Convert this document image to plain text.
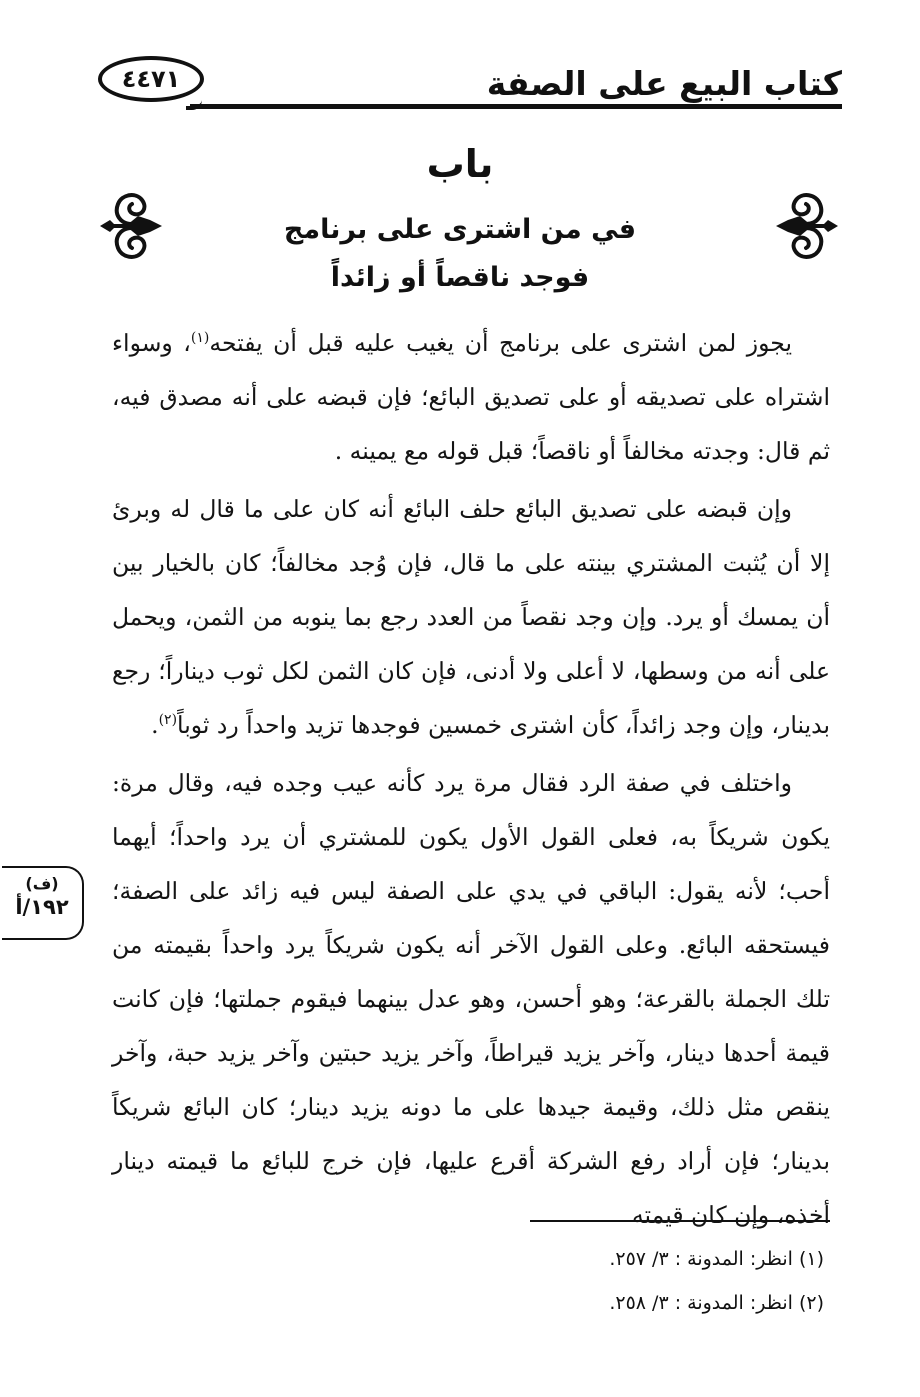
كتاب البيع على الصفة
٤٤٧١
باب
في من اشترى على برنامج
فوجد ناقصاً أو زائداً

يجوز لمن اشترى على برنامج أن يغيب عليه قبل أن يفتحه$^{(١)}$، وسواء اشتراه على تصديقه أو على تصديق البائع؛ فإن قبضه على أنه مصدق فيه، ثم قال: وجدته مخالفاً أو ناقصاً؛ قبل قوله مع يمينه .

وإن قبضه على تصديق البائع حلف البائع أنه كان على ما قال له وبرئ إلا أن يُثبت المشتري بينته على ما قال، فإن وُجد مخالفاً؛ كان بالخيار بين أن يمسك أو يرد. وإن وجد نقصاً من العدد رجع بما ينوبه من الثمن، ويحمل على أنه من وسطها، لا أعلى ولا أدنى، فإن كان الثمن لكل ثوب ديناراً؛ رجع بدينار، وإن وجد زائداً، كأن اشترى خمسين فوجدها تزيد واحداً رد ثوباً$^{(٢)}$.

واختلف في صفة الرد فقال مرة يرد كأنه عيب وجده فيه، وقال مرة: يكون شريكاً به، فعلى القول الأول يكون للمشتري أن يرد واحداً؛ أيهما أحب؛ لأنه يقول: الباقي في يدي على الصفة ليس فيه زائد على الصفة؛ فيستحقه البائع. وعلى القول الآخر أنه يكون شريكاً يرد واحداً بقيمته من تلك الجملة بالقرعة؛ وهو أحسن، وهو عدل بينهما فيقوم جملتها؛ فإن كانت قيمة أحدها دينار، وآخر يزيد قيراطاً، وآخر يزيد حبتين وآخر يزيد حبة، وآخر ينقص مثل ذلك، وقيمة جيدها على ما دونه يزيد دينار؛ كان البائع شريكاً بدينار؛ فإن أراد رفع الشركة أقرع عليها، فإن خرج للبائع ما قيمته دينار أخذه، وإن كان قيمته

(ف)
١٩٢/أ
(١) انظر: المدونة : ٣/ ٢٥٧.
(٢) انظر: المدونة : ٣/ ٢٥٨.
